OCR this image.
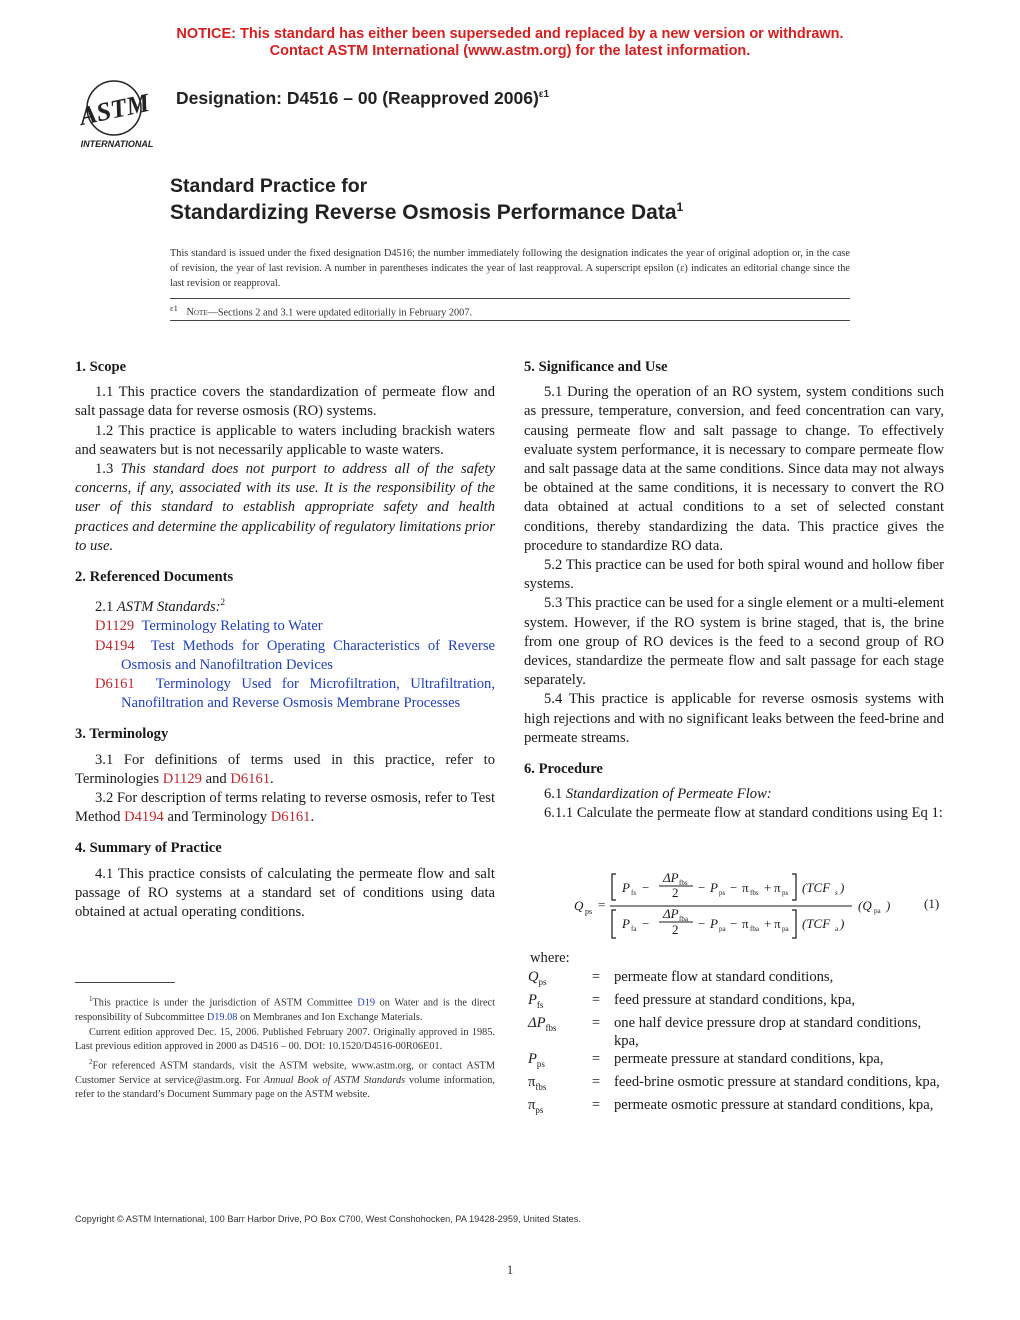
NOTICE: This standard has either been superseded and replaced by a new version or withdrawn.
Contact ASTM International (www.astm.org) for the latest information.
ASTM
INTERNATIONAL
Designation: D4516 – 00 (Reapproved 2006)$^{\varepsilon 1}$
Standard Practice for
Standardizing Reverse Osmosis Performance Data$^1$
This standard is issued under the fixed designation D4516; the number immediately following the designation indicates the year of original adoption or, in the case of revision, the year of last revision. A number in parentheses indicates the year of last reapproval. A superscript epsilon (ε) indicates an editorial change since the last revision or reapproval.
$^{\varepsilon 1}$ Note—Sections 2 and 3.1 were updated editorially in February 2007.
1. Scope

1.1 This practice covers the standardization of permeate flow and salt passage data for reverse osmosis (RO) systems.

1.2 This practice is applicable to waters including brackish waters and seawaters but is not necessarily applicable to waste waters.

1.3 This standard does not purport to address all of the safety concerns, if any, associated with its use. It is the responsibility of the user of this standard to establish appropriate safety and health practices and determine the applicability of regulatory limitations prior to use.

2. Referenced Documents

2.1 ASTM Standards:$^2$

D1129 Terminology Relating to Water
D4194 Test Methods for Operating Characteristics of Reverse Osmosis and Nanofiltration Devices
D6161 Terminology Used for Microfiltration, Ultrafiltration, Nanofiltration and Reverse Osmosis Membrane Processes
3. Terminology

3.1 For definitions of terms used in this practice, refer to Terminologies D1129 and D6161.

3.2 For description of terms relating to reverse osmosis, refer to Test Method D4194 and Terminology D6161.

4. Summary of Practice

4.1 This practice consists of calculating the permeate flow and salt passage of RO systems at a standard set of conditions using data obtained at actual operating conditions.

$^1$This practice is under the jurisdiction of ASTM Committee D19 on Water and is the direct responsibility of Subcommittee D19.08 on Membranes and Ion Exchange Materials.

Current edition approved Dec. 15, 2006. Published February 2007. Originally approved in 1985. Last previous edition approved in 2000 as D4516 – 00. DOI: 10.1520/D4516-00R06E01.

$^2$For referenced ASTM standards, visit the ASTM website, www.astm.org, or contact ASTM Customer Service at service@astm.org. For Annual Book of ASTM Standards volume information, refer to the standard’s Document Summary page on the ASTM website.

5. Significance and Use

5.1 During the operation of an RO system, system conditions such as pressure, temperature, conversion, and feed concentration can vary, causing permeate flow and salt passage to change. To effectively evaluate system performance, it is necessary to compare permeate flow and salt passage data at the same conditions. Since data may not always be obtained at the same conditions, it is necessary to convert the RO data obtained at actual conditions to a set of selected constant conditions, thereby standardizing the data. This practice gives the procedure to standardize RO data.

5.2 This practice can be used for both spiral wound and hollow fiber systems.

5.3 This practice can be used for a single element or a multi-element system. However, if the RO system is brine staged, that is, the brine from one group of RO devices is the feed to a second group of RO devices, standardize the permeate flow and salt passage for each stage separately.

5.4 This practice is applicable for reverse osmosis systems with high rejections and with no significant leaks between the feed-brine and permeate streams.

6. Procedure

6.1 Standardization of Permeate Flow:

6.1.1 Calculate the permeate flow at standard conditions using Eq 1:

Q ps =
P fs −
ΔP fbs
2 − P ps − π fbs + π ps (TCF s )
P fa −
ΔP fba
2 − P pa − π fba + π pa (TCF a )
(Q pa )	(1)
where:
$Q_{ps}$	= permeate flow at standard conditions,
$P_{fs}$	= feed pressure at standard conditions, kpa,
$\Delta P_{fbs}$	= one half device pressure drop at standard conditions, kpa,
$P_{ps}$	= permeate pressure at standard conditions, kpa,
$\pi_{fbs}$	= feed-brine osmotic pressure at standard conditions, kpa,
$\pi_{ps}$	= permeate osmotic pressure at standard conditions, kpa,
Copyright © ASTM International, 100 Barr Harbor Drive, PO Box C700, West Conshohocken, PA 19428-2959, United States.
1
